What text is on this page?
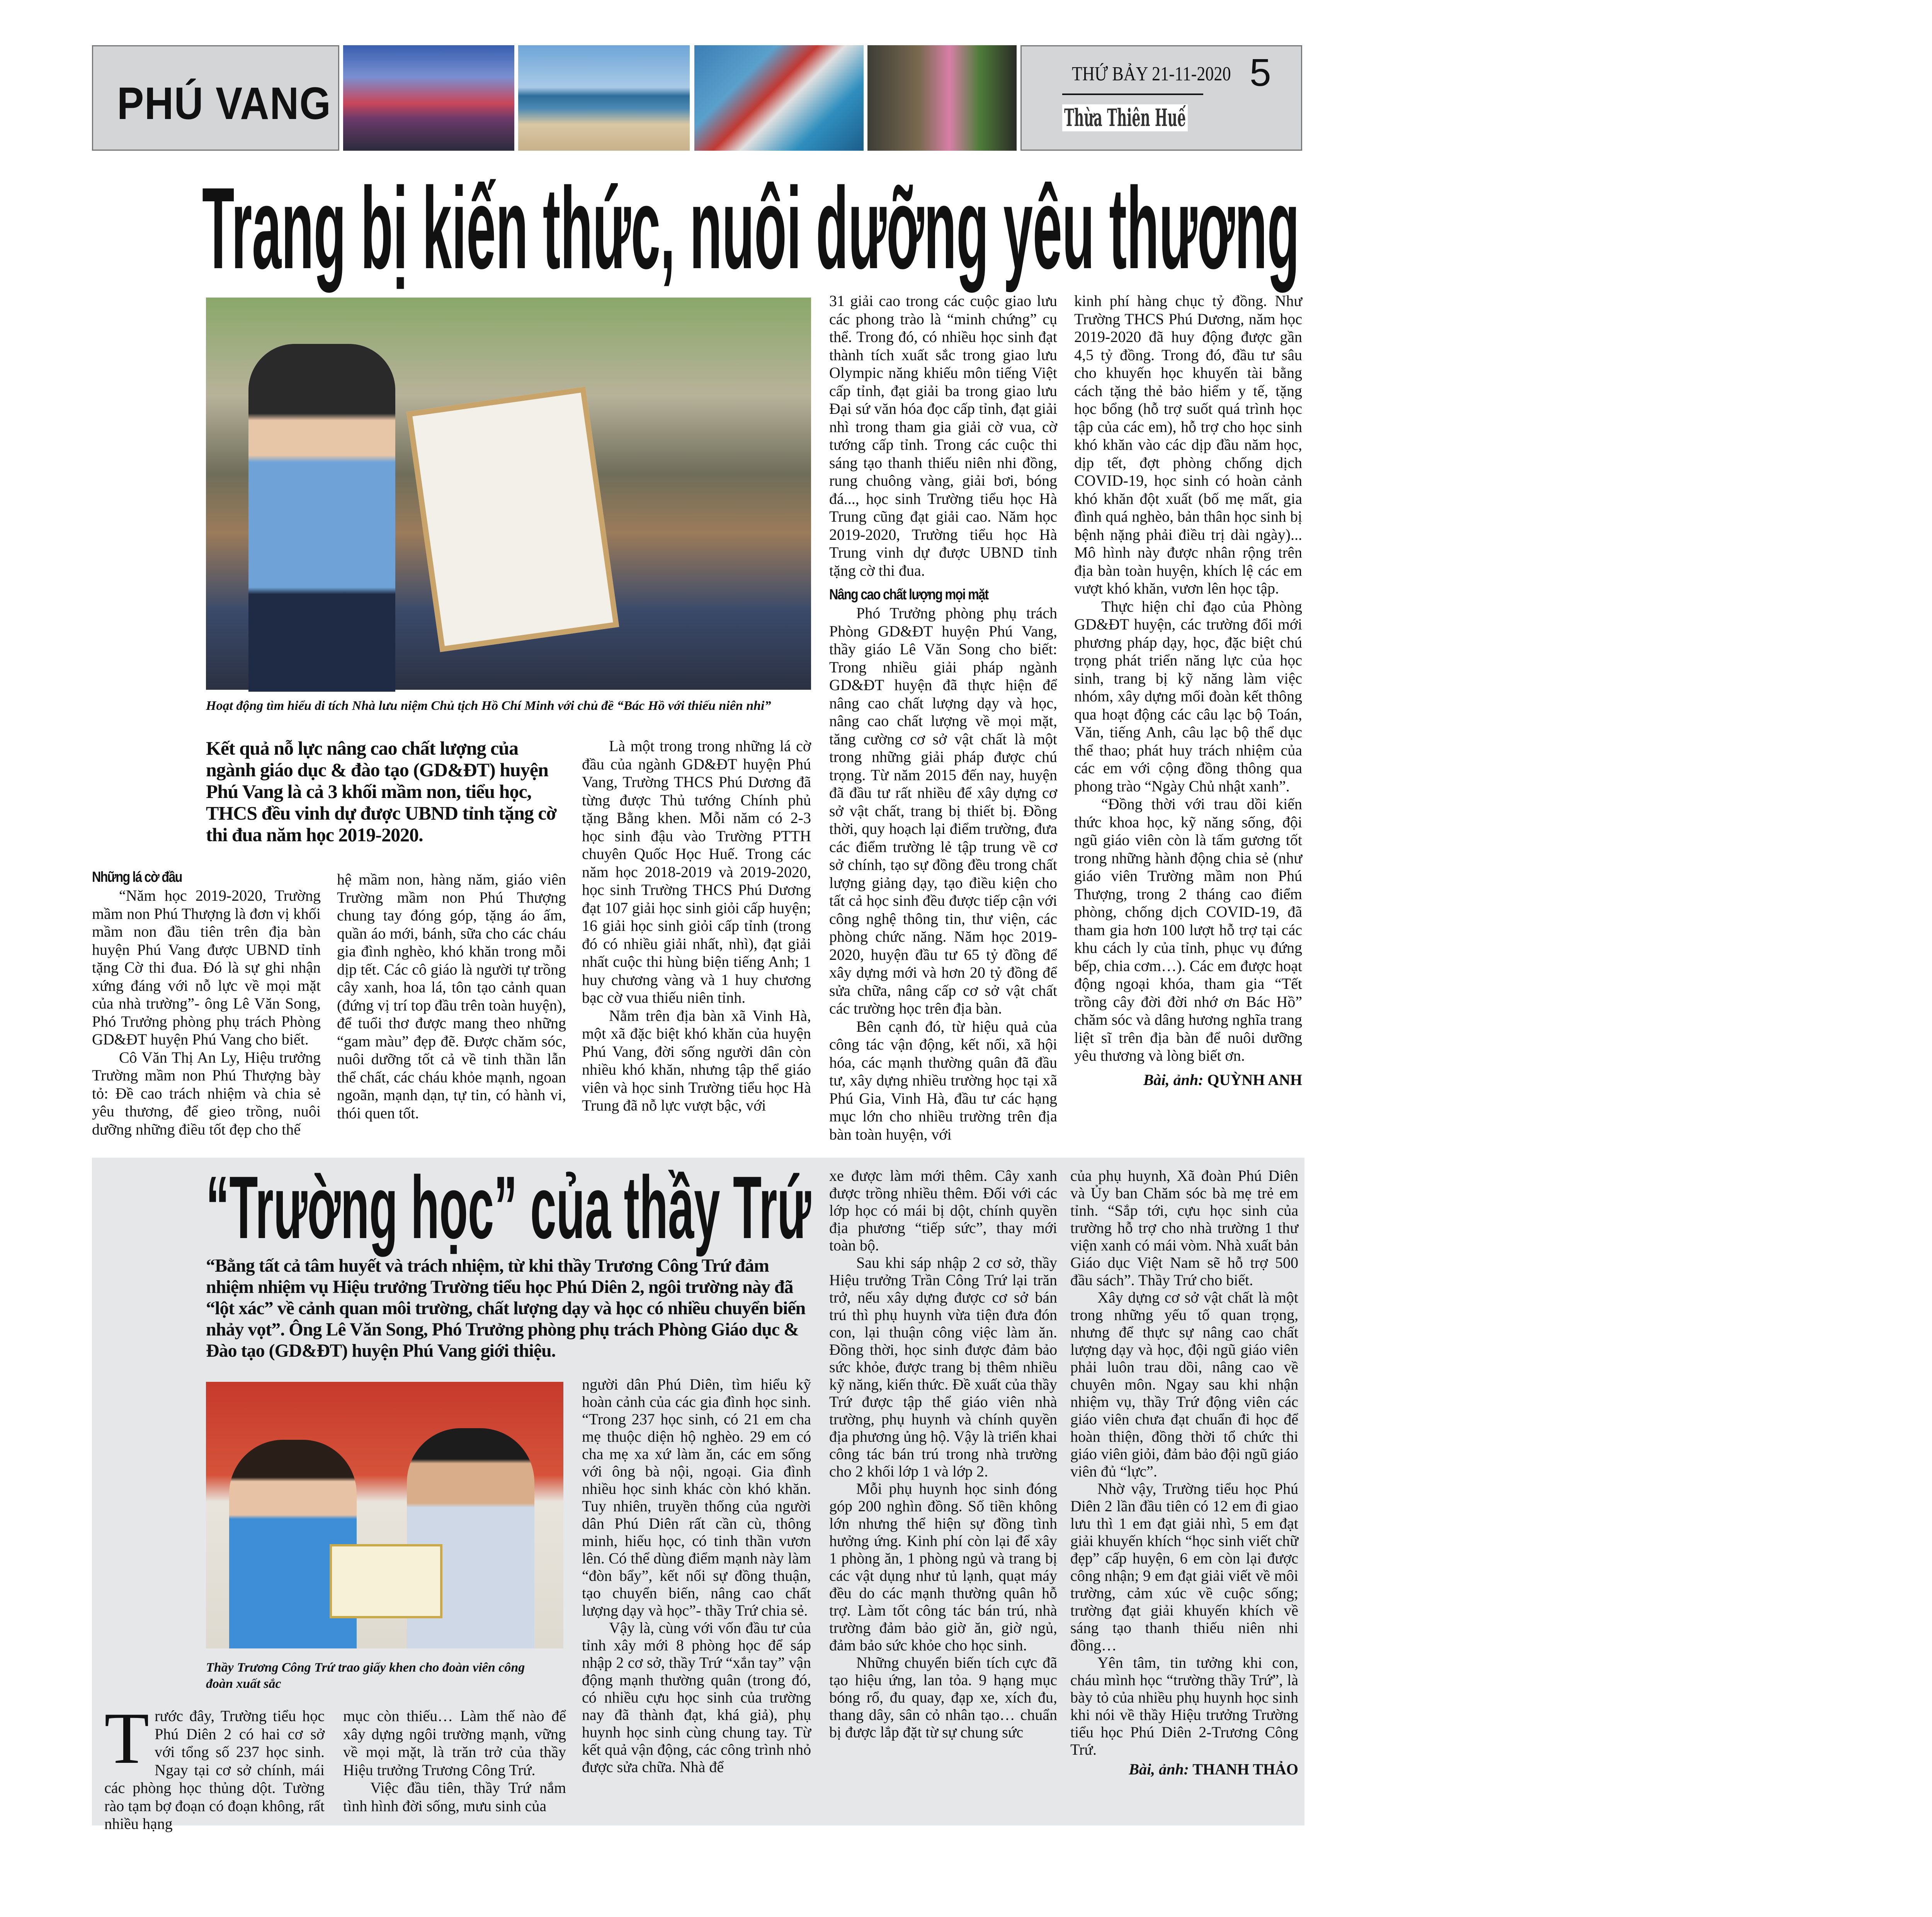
PHÚ VANG
THỨ BẢY 21-11-2020 5
Thừa Thiên Huế
Trang bị kiến thức, nuôi dưỡng yêu thương
Hoạt động tìm hiểu di tích Nhà lưu niệm Chủ tịch Hồ Chí Minh với chủ đề “Bác Hồ với thiếu niên nhi”
Kết quả nỗ lực nâng cao chất lượng của ngành giáo dục & đào tạo (GD&ĐT) huyện Phú Vang là cả 3 khối mầm non, tiểu học, THCS đều vinh dự được UBND tỉnh tặng cờ thi đua năm học 2019-2020.
Những lá cờ đầu

“Năm học 2019-2020, Trường mầm non Phú Thượng là đơn vị khối mầm non đầu tiên trên địa bàn huyện Phú Vang được UBND tỉnh tặng Cờ thi đua. Đó là sự ghi nhận xứng đáng với nỗ lực về mọi mặt của nhà trường”- ông Lê Văn Song, Phó Trưởng phòng phụ trách Phòng GD&ĐT huyện Phú Vang cho biết.

Cô Văn Thị An Ly, Hiệu trưởng Trường mầm non Phú Thượng bày tỏ: Đề cao trách nhiệm và chia sẻ yêu thương, để gieo trồng, nuôi dưỡng những điều tốt đẹp cho thế

hệ mầm non, hàng năm, giáo viên Trường mầm non Phú Thượng chung tay đóng góp, tặng áo ấm, quần áo mới, bánh, sữa cho các cháu gia đình nghèo, khó khăn trong mỗi dịp tết. Các cô giáo là người tự trồng cây xanh, hoa lá, tôn tạo cảnh quan (đứng vị trí top đầu trên toàn huyện), để tuổi thơ được mang theo những “gam màu” đẹp đẽ. Được chăm sóc, nuôi dưỡng tốt cả về tinh thần lẫn thể chất, các cháu khỏe mạnh, ngoan ngoãn, mạnh dạn, tự tin, có hành vi, thói quen tốt.

Là một trong trong những lá cờ đầu của ngành GD&ĐT huyện Phú Vang, Trường THCS Phú Dương đã từng được Thủ tướng Chính phủ tặng Bằng khen. Mỗi năm có 2-3 học sinh đậu vào Trường PTTH chuyên Quốc Học Huế. Trong các năm học 2018-2019 và 2019-2020, học sinh Trường THCS Phú Dương đạt 107 giải học sinh giỏi cấp huyện; 16 giải học sinh giỏi cấp tỉnh (trong đó có nhiều giải nhất, nhì), đạt giải nhất cuộc thi hùng biện tiếng Anh; 1 huy chương vàng và 1 huy chương bạc cờ vua thiếu niên tỉnh.

Nằm trên địa bàn xã Vinh Hà, một xã đặc biệt khó khăn của huyện Phú Vang, đời sống người dân còn nhiều khó khăn, nhưng tập thể giáo viên và học sinh Trường tiểu học Hà Trung đã nỗ lực vượt bậc, với

31 giải cao trong các cuộc giao lưu các phong trào là “minh chứng” cụ thể. Trong đó, có nhiều học sinh đạt thành tích xuất sắc trong giao lưu Olympic năng khiếu môn tiếng Việt cấp tỉnh, đạt giải ba trong giao lưu Đại sứ văn hóa đọc cấp tỉnh, đạt giải nhì trong tham gia giải cờ vua, cờ tướng cấp tỉnh. Trong các cuộc thi sáng tạo thanh thiếu niên nhi đồng, rung chuông vàng, giải bơi, bóng đá..., học sinh Trường tiểu học Hà Trung cũng đạt giải cao. Năm học 2019-2020, Trường tiểu học Hà Trung vinh dự được UBND tỉnh tặng cờ thi đua.

Nâng cao chất lượng mọi mặt

Phó Trưởng phòng phụ trách Phòng GD&ĐT huyện Phú Vang, thầy giáo Lê Văn Song cho biết: Trong nhiều giải pháp ngành GD&ĐT huyện đã thực hiện để nâng cao chất lượng dạy và học, nâng cao chất lượng về mọi mặt, tăng cường cơ sở vật chất là một trong những giải pháp được chú trọng. Từ năm 2015 đến nay, huyện đã đầu tư rất nhiều để xây dựng cơ sở vật chất, trang bị thiết bị. Đồng thời, quy hoạch lại điểm trường, đưa các điểm trường lẻ tập trung về cơ sở chính, tạo sự đồng đều trong chất lượng giảng dạy, tạo điều kiện cho tất cả học sinh đều được tiếp cận với công nghệ thông tin, thư viện, các phòng chức năng. Năm học 2019-2020, huyện đầu tư 65 tỷ đồng để xây dựng mới và hơn 20 tỷ đồng để sửa chữa, nâng cấp cơ sở vật chất các trường học trên địa bàn.

Bên cạnh đó, từ hiệu quả của công tác vận động, kết nối, xã hội hóa, các mạnh thường quân đã đầu tư, xây dựng nhiều trường học tại xã Phú Gia, Vinh Hà, đầu tư các hạng mục lớn cho nhiều trường trên địa bàn toàn huyện, với

kinh phí hàng chục tỷ đồng. Như Trường THCS Phú Dương, năm học 2019-2020 đã huy động được gần 4,5 tỷ đồng. Trong đó, đầu tư sâu cho khuyến học khuyến tài bằng cách tặng thẻ bảo hiểm y tế, tặng học bổng (hỗ trợ suốt quá trình học tập của các em), hỗ trợ cho học sinh khó khăn vào các dịp đầu năm học, dịp tết, đợt phòng chống dịch COVID-19, học sinh có hoàn cảnh khó khăn đột xuất (bố mẹ mất, gia đình quá nghèo, bản thân học sinh bị bệnh nặng phải điều trị dài ngày)... Mô hình này được nhân rộng trên địa bàn toàn huyện, khích lệ các em vượt khó khăn, vươn lên học tập.

Thực hiện chỉ đạo của Phòng GD&ĐT huyện, các trường đổi mới phương pháp dạy, học, đặc biệt chú trọng phát triển năng lực của học sinh, trang bị kỹ năng làm việc nhóm, xây dựng mối đoàn kết thông qua hoạt động các câu lạc bộ Toán, Văn, tiếng Anh, câu lạc bộ thể dục thể thao; phát huy trách nhiệm của các em với cộng đồng thông qua phong trào “Ngày Chủ nhật xanh”.

“Đồng thời với trau dồi kiến thức khoa học, kỹ năng sống, đội ngũ giáo viên còn là tấm gương tốt trong những hành động chia sẻ (như giáo viên Trường mầm non Phú Thượng, trong 2 tháng cao điểm phòng, chống dịch COVID-19, đã tham gia hơn 100 lượt hỗ trợ tại các khu cách ly của tỉnh, phục vụ đứng bếp, chia cơm…). Các em được hoạt động ngoại khóa, tham gia “Tết trồng cây đời đời nhớ ơn Bác Hồ” chăm sóc và dâng hương nghĩa trang liệt sĩ trên địa bàn để nuôi dưỡng yêu thương và lòng biết ơn.

Bài, ảnh: QUỲNH ANH
“Trường học” của thầy Trứ
“Bằng tất cả tâm huyết và trách nhiệm, từ khi thầy Trương Công Trứ đảm nhiệm nhiệm vụ Hiệu trưởng Trường tiểu học Phú Diên 2, ngôi trường này đã “lột xác” về cảnh quan môi trường, chất lượng dạy và học có nhiều chuyển biến nhảy vọt”. Ông Lê Văn Song, Phó Trưởng phòng phụ trách Phòng Giáo dục & Đào tạo (GD&ĐT) huyện Phú Vang giới thiệu.
Thầy Trương Công Trứ trao giấy khen cho đoàn viên công đoàn xuất sắc
T rước đây, Trường tiểu học Phú Diên 2 có hai cơ sở với tổng số 237 học sinh. Ngay tại cơ sở chính, mái các phòng học thủng dột. Tường rào tạm bợ đoạn có đoạn không, rất nhiều hạng

mục còn thiếu… Làm thế nào để xây dựng ngôi trường mạnh, vững về mọi mặt, là trăn trở của thầy Hiệu trưởng Trương Công Trứ.

Việc đầu tiên, thầy Trứ nắm tình hình đời sống, mưu sinh của

người dân Phú Diên, tìm hiểu kỹ hoàn cảnh của các gia đình học sinh. “Trong 237 học sinh, có 21 em cha mẹ thuộc diện hộ nghèo. 29 em có cha mẹ xa xứ làm ăn, các em sống với ông bà nội, ngoại. Gia đình nhiều học sinh khác còn khó khăn. Tuy nhiên, truyền thống của người dân Phú Diên rất cần cù, thông minh, hiếu học, có tinh thần vươn lên. Có thể dùng điểm mạnh này làm “đòn bẩy”, kết nối sự đồng thuận, tạo chuyển biến, nâng cao chất lượng dạy và học”- thầy Trứ chia sẻ.

Vậy là, cùng với vốn đầu tư của tỉnh xây mới 8 phòng học để sáp nhập 2 cơ sở, thầy Trứ “xắn tay” vận động mạnh thường quân (trong đó, có nhiều cựu học sinh của trường nay đã thành đạt, khá giả), phụ huynh học sinh cùng chung tay. Từ kết quả vận động, các công trình nhỏ được sửa chữa. Nhà để

xe được làm mới thêm. Cây xanh được trồng nhiều thêm. Đối với các lớp học có mái bị dột, chính quyền địa phương “tiếp sức”, thay mới toàn bộ.

Sau khi sáp nhập 2 cơ sở, thầy Hiệu trưởng Trần Công Trứ lại trăn trở, nếu xây dựng được cơ sở bán trú thì phụ huynh vừa tiện đưa đón con, lại thuận công việc làm ăn. Đồng thời, học sinh được đảm bảo sức khỏe, được trang bị thêm nhiều kỹ năng, kiến thức. Đề xuất của thầy Trứ được tập thể giáo viên nhà trường, phụ huynh và chính quyền địa phương ủng hộ. Vậy là triển khai công tác bán trú trong nhà trường cho 2 khối lớp 1 và lớp 2.

Mỗi phụ huynh học sinh đóng góp 200 nghìn đồng. Số tiền không lớn nhưng thể hiện sự đồng tình hưởng ứng. Kinh phí còn lại để xây 1 phòng ăn, 1 phòng ngủ và trang bị các vật dụng như tủ lạnh, quạt máy đều do các mạnh thường quân hỗ trợ. Làm tốt công tác bán trú, nhà trường đảm bảo giờ ăn, giờ ngủ, đảm bảo sức khỏe cho học sinh.

Những chuyển biến tích cực đã tạo hiệu ứng, lan tỏa. 9 hạng mục bóng rổ, đu quay, đạp xe, xích đu, thang dây, sân cỏ nhân tạo… chuẩn bị được lắp đặt từ sự chung sức

của phụ huynh, Xã đoàn Phú Diên và Ủy ban Chăm sóc bà mẹ trẻ em tỉnh. “Sắp tới, cựu học sinh của trường hỗ trợ cho nhà trường 1 thư viện xanh có mái vòm. Nhà xuất bản Giáo dục Việt Nam sẽ hỗ trợ 500 đầu sách”. Thầy Trứ cho biết.

Xây dựng cơ sở vật chất là một trong những yếu tố quan trọng, nhưng để thực sự nâng cao chất lượng dạy và học, đội ngũ giáo viên phải luôn trau dồi, nâng cao về chuyên môn. Ngay sau khi nhận nhiệm vụ, thầy Trứ động viên các giáo viên chưa đạt chuẩn đi học để hoàn thiện, đồng thời tổ chức thi giáo viên giỏi, đảm bảo đội ngũ giáo viên đủ “lực”.

Nhờ vậy, Trường tiểu học Phú Diên 2 lần đầu tiên có 12 em đi giao lưu thì 1 em đạt giải nhì, 5 em đạt giải khuyến khích “học sinh viết chữ đẹp” cấp huyện, 6 em còn lại được công nhận; 9 em đạt giải viết về môi trường, cảm xúc về cuộc sống; trường đạt giải khuyến khích về sáng tạo thanh thiếu niên nhi đồng…

Yên tâm, tin tưởng khi con, cháu mình học “trường thầy Trứ”, là bày tỏ của nhiều phụ huynh học sinh khi nói về thầy Hiệu trưởng Trường tiểu học Phú Diên 2-Trương Công Trứ.

Bài, ảnh: THANH THẢO
